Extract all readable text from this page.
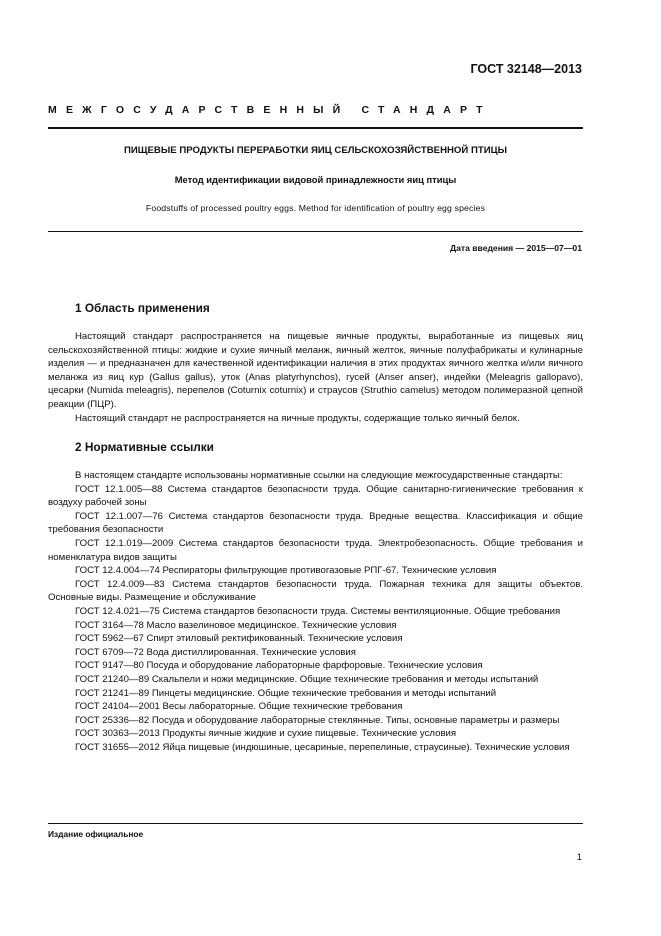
ГОСТ 32148—2013
МЕЖГОСУДАРСТВЕННЫЙ СТАНДАРТ
ПИЩЕВЫЕ ПРОДУКТЫ ПЕРЕРАБОТКИ ЯИЦ СЕЛЬСКОХОЗЯЙСТВЕННОЙ ПТИЦЫ
Метод идентификации видовой принадлежности яиц птицы
Foodstuffs of processed poultry eggs. Method for identification of poultry egg species
Дата введения — 2015—07—01
1 Область применения

Настоящий стандарт распространяется на пищевые яичные продукты, выработанные из пищевых яиц сельскохозяйственной птицы: жидкие и сухие яичный меланж, яичный желток, яичные полуфабрикаты и кулинарные изделия — и предназначен для качественной идентификации наличия в этих продуктах яичного желтка и/или яичного меланжа из яиц кур (Gallus gallus), уток (Anas platyrhynchos), гусей (Anser anser), индейки (Meleagris gallopavo), цесарки (Numida meleagris), перепелов (Coturnix coturnix) и страусов (Struthio camelus) методом полимеразной цепной реакции (ПЦР).

Настоящий стандарт не распространяется на яичные продукты, содержащие только яичный белок.

2 Нормативные ссылки

В настоящем стандарте использованы нормативные ссылки на следующие межгосударственные стандарты:

ГОСТ 12.1.005—88 Система стандартов безопасности труда. Общие санитарно-гигиенические требования к воздуху рабочей зоны

ГОСТ 12.1.007—76 Система стандартов безопасности труда. Вредные вещества. Классификация и общие требования безопасности

ГОСТ 12.1.019—2009 Система стандартов безопасности труда. Электробезопасность. Общие требования и номенклатура видов защиты

ГОСТ 12.4.004—74 Респираторы фильтрующие противогазовые РПГ-67. Технические условия

ГОСТ 12.4.009—83 Система стандартов безопасности труда. Пожарная техника для защиты объектов. Основные виды. Размещение и обслуживание

ГОСТ 12.4.021—75 Система стандартов безопасности труда. Системы вентиляционные. Общие требования

ГОСТ 3164—78 Масло вазелиновое медицинское. Технические условия

ГОСТ 5962—67 Спирт этиловый ректификованный. Технические условия

ГОСТ 6709—72 Вода дистиллированная. Технические условия

ГОСТ 9147—80 Посуда и оборудование лабораторные фарфоровые. Технические условия

ГОСТ 21240—89 Скальпели и ножи медицинские. Общие технические требования и методы испытаний

ГОСТ 21241—89 Пинцеты медицинские. Общие технические требования и методы испытаний

ГОСТ 24104—2001 Весы лабораторные. Общие технические требования

ГОСТ 25336—82 Посуда и оборудование лабораторные стеклянные. Типы, основные параметры и размеры

ГОСТ 30363—2013 Продукты яичные жидкие и сухие пищевые. Технические условия

ГОСТ 31655—2012 Яйца пищевые (индюшиные, цесариные, перепелиные, страусиные). Технические условия

Издание официальное
1
